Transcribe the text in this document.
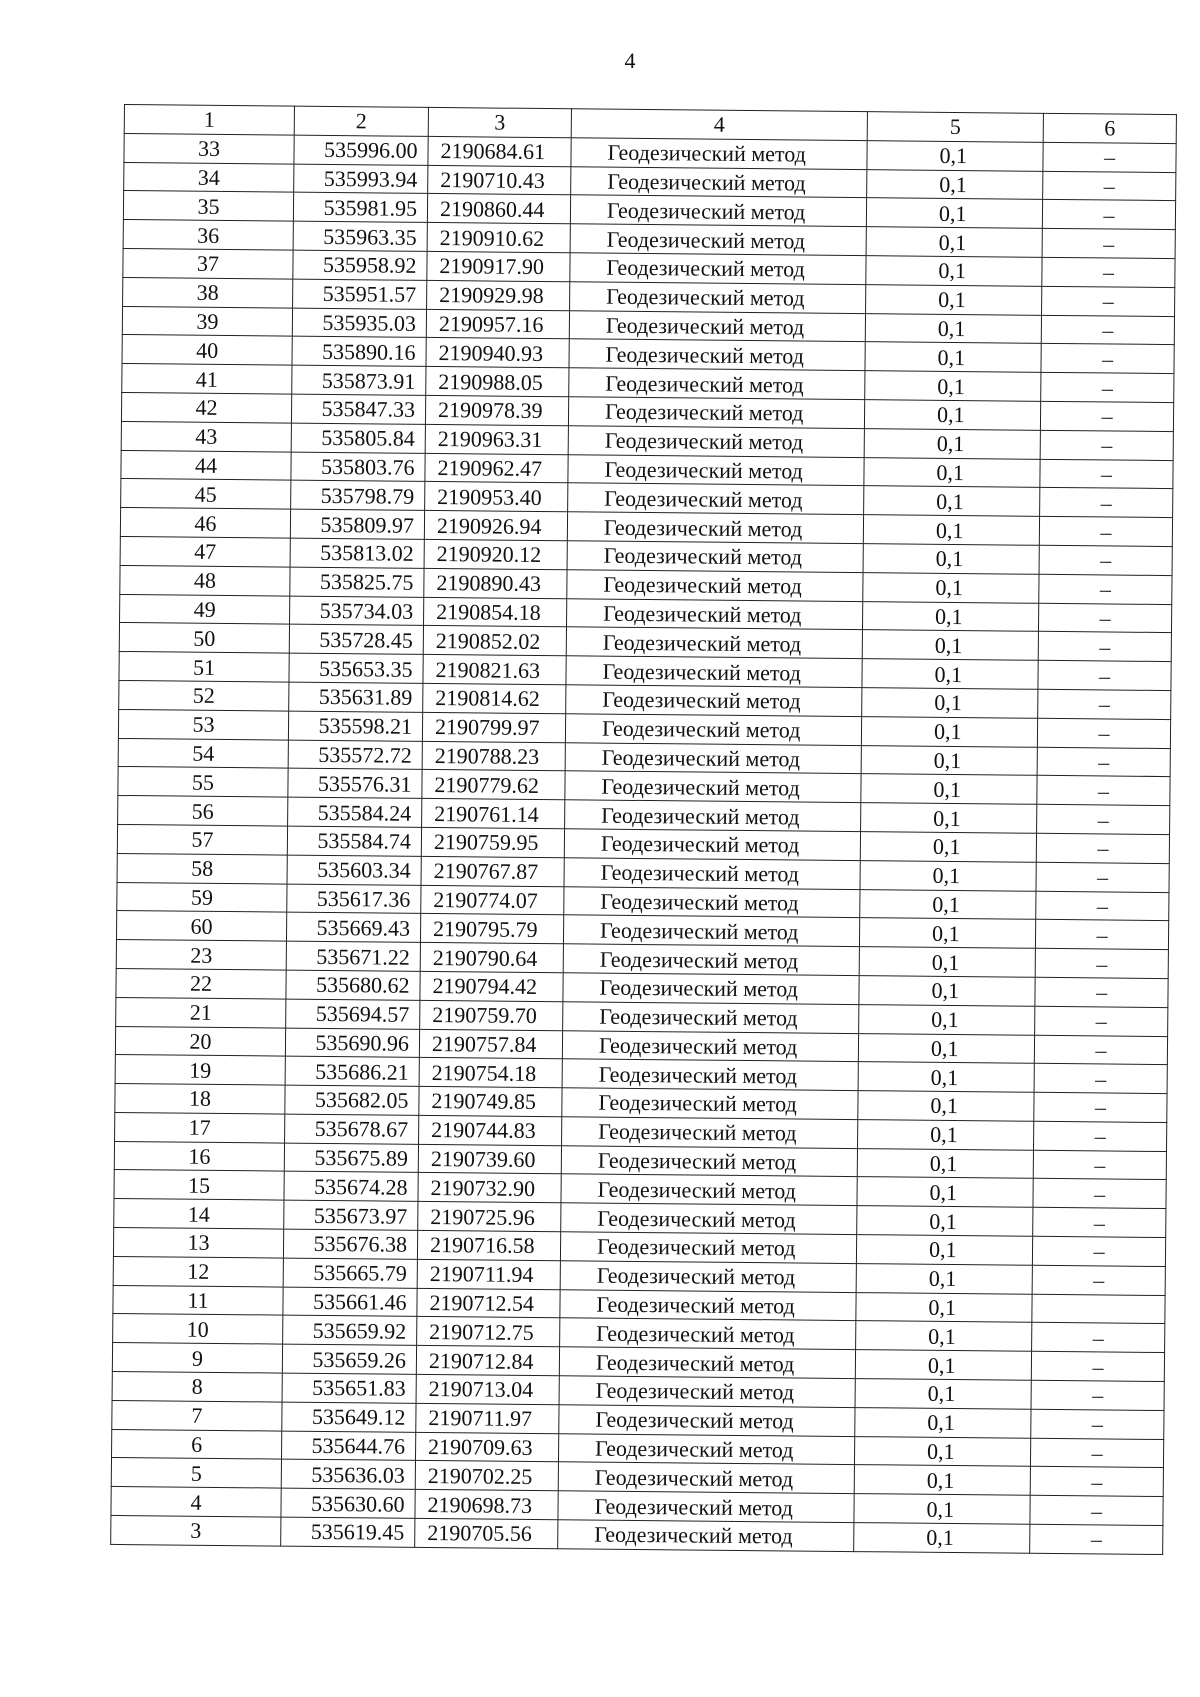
4
1	2	3	4	5	6
33	535996.00	2190684.61	Геодезический метод	0,1	–
34	535993.94	2190710.43	Геодезический метод	0,1	–
35	535981.95	2190860.44	Геодезический метод	0,1	–
36	535963.35	2190910.62	Геодезический метод	0,1	–
37	535958.92	2190917.90	Геодезический метод	0,1	–
38	535951.57	2190929.98	Геодезический метод	0,1	–
39	535935.03	2190957.16	Геодезический метод	0,1	–
40	535890.16	2190940.93	Геодезический метод	0,1	–
41	535873.91	2190988.05	Геодезический метод	0,1	–
42	535847.33	2190978.39	Геодезический метод	0,1	–
43	535805.84	2190963.31	Геодезический метод	0,1	–
44	535803.76	2190962.47	Геодезический метод	0,1	–
45	535798.79	2190953.40	Геодезический метод	0,1	–
46	535809.97	2190926.94	Геодезический метод	0,1	–
47	535813.02	2190920.12	Геодезический метод	0,1	–
48	535825.75	2190890.43	Геодезический метод	0,1	–
49	535734.03	2190854.18	Геодезический метод	0,1	–
50	535728.45	2190852.02	Геодезический метод	0,1	–
51	535653.35	2190821.63	Геодезический метод	0,1	–
52	535631.89	2190814.62	Геодезический метод	0,1	–
53	535598.21	2190799.97	Геодезический метод	0,1	–
54	535572.72	2190788.23	Геодезический метод	0,1	–
55	535576.31	2190779.62	Геодезический метод	0,1	–
56	535584.24	2190761.14	Геодезический метод	0,1	–
57	535584.74	2190759.95	Геодезический метод	0,1	–
58	535603.34	2190767.87	Геодезический метод	0,1	–
59	535617.36	2190774.07	Геодезический метод	0,1	–
60	535669.43	2190795.79	Геодезический метод	0,1	–
23	535671.22	2190790.64	Геодезический метод	0,1	–
22	535680.62	2190794.42	Геодезический метод	0,1	–
21	535694.57	2190759.70	Геодезический метод	0,1	–
20	535690.96	2190757.84	Геодезический метод	0,1	–
19	535686.21	2190754.18	Геодезический метод	0,1	–
18	535682.05	2190749.85	Геодезический метод	0,1	–
17	535678.67	2190744.83	Геодезический метод	0,1	–
16	535675.89	2190739.60	Геодезический метод	0,1	–
15	535674.28	2190732.90	Геодезический метод	0,1	–
14	535673.97	2190725.96	Геодезический метод	0,1	–
13	535676.38	2190716.58	Геодезический метод	0,1	–
12	535665.79	2190711.94	Геодезический метод	0,1	–
11	535661.46	2190712.54	Геодезический метод	0,1	
10	535659.92	2190712.75	Геодезический метод	0,1	–
9	535659.26	2190712.84	Геодезический метод	0,1	–
8	535651.83	2190713.04	Геодезический метод	0,1	–
7	535649.12	2190711.97	Геодезический метод	0,1	–
6	535644.76	2190709.63	Геодезический метод	0,1	–
5	535636.03	2190702.25	Геодезический метод	0,1	–
4	535630.60	2190698.73	Геодезический метод	0,1	–
3	535619.45	2190705.56	Геодезический метод	0,1	–
